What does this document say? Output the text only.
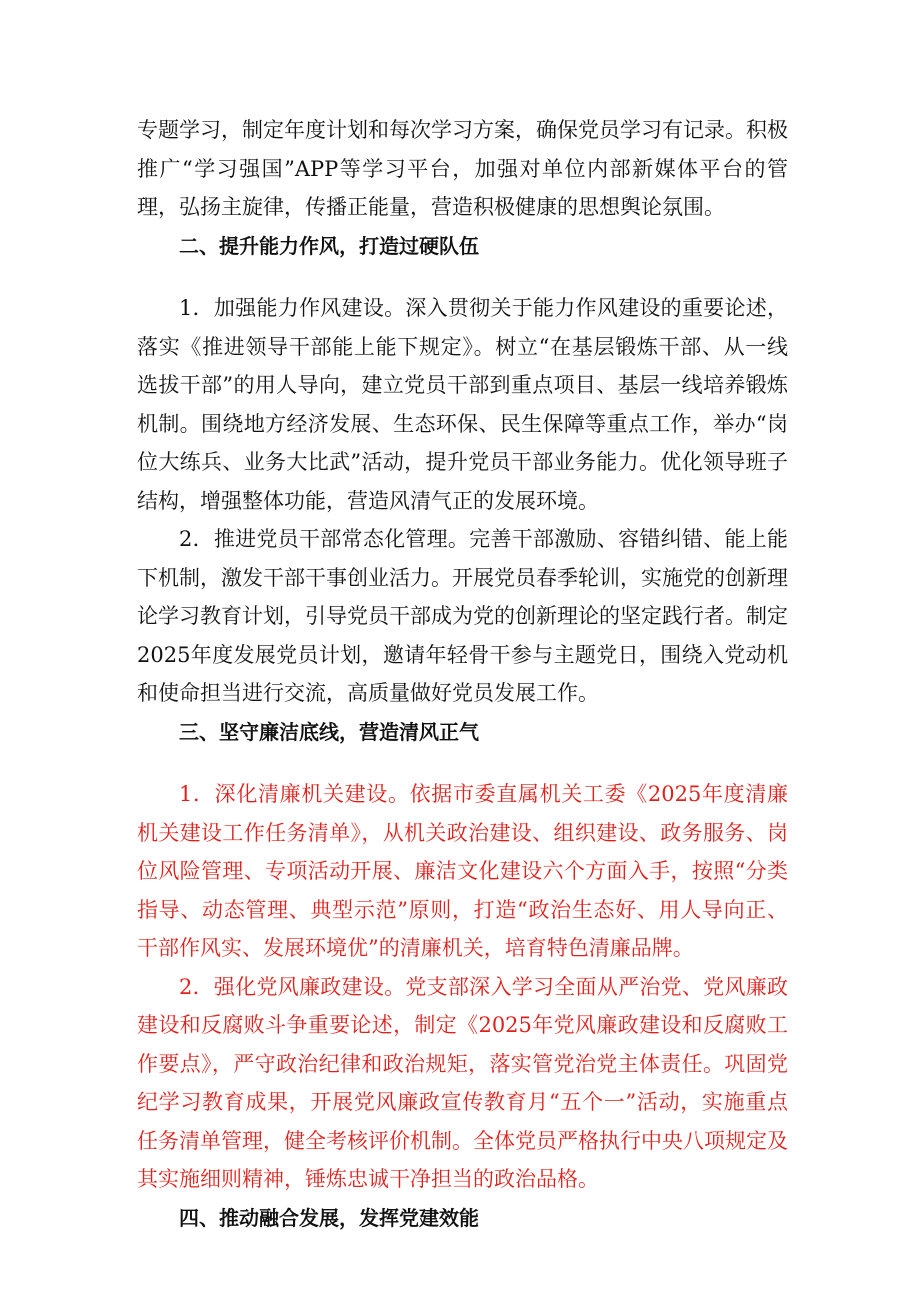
专题学习，制定年度计划和每次学习方案，确保党员学习有记录。积极推广“学习强国”APP等学习平台，加强对单位内部新媒体平台的管理，弘扬主旋律，传播正能量，营造积极健康的思想舆论氛围。

二、提升能力作风，打造过硬队伍

1．加强能力作风建设。深入贯彻关于能力作风建设的重要论述，落实《推进领导干部能上能下规定》。树立“在基层锻炼干部、从一线选拔干部”的用人导向，建立党员干部到重点项目、基层一线培养锻炼机制。围绕地方经济发展、生态环保、民生保障等重点工作，举办“岗位大练兵、业务大比武”活动，提升党员干部业务能力。优化领导班子结构，增强整体功能，营造风清气正的发展环境。

2．推进党员干部常态化管理。完善干部激励、容错纠错、能上能下机制，激发干部干事创业活力。开展党员春季轮训，实施党的创新理论学习教育计划，引导党员干部成为党的创新理论的坚定践行者。制定2025年度发展党员计划，邀请年轻骨干参与主题党日，围绕入党动机和使命担当进行交流，高质量做好党员发展工作。

三、坚守廉洁底线，营造清风正气

1．深化清廉机关建设。依据市委直属机关工委《2025年度清廉机关建设工作任务清单》，从机关政治建设、组织建设、政务服务、岗位风险管理、专项活动开展、廉洁文化建设六个方面入手，按照“分类指导、动态管理、典型示范”原则，打造“政治生态好、用人导向正、干部作风实、发展环境优”的清廉机关，培育特色清廉品牌。

2．强化党风廉政建设。党支部深入学习全面从严治党、党风廉政建设和反腐败斗争重要论述，制定《2025年党风廉政建设和反腐败工作要点》，严守政治纪律和政治规矩，落实管党治党主体责任。巩固党纪学习教育成果，开展党风廉政宣传教育月“五个一”活动，实施重点任务清单管理，健全考核评价机制。全体党员严格执行中央八项规定及其实施细则精神，锤炼忠诚干净担当的政治品格。

四、推动融合发展，发挥党建效能
